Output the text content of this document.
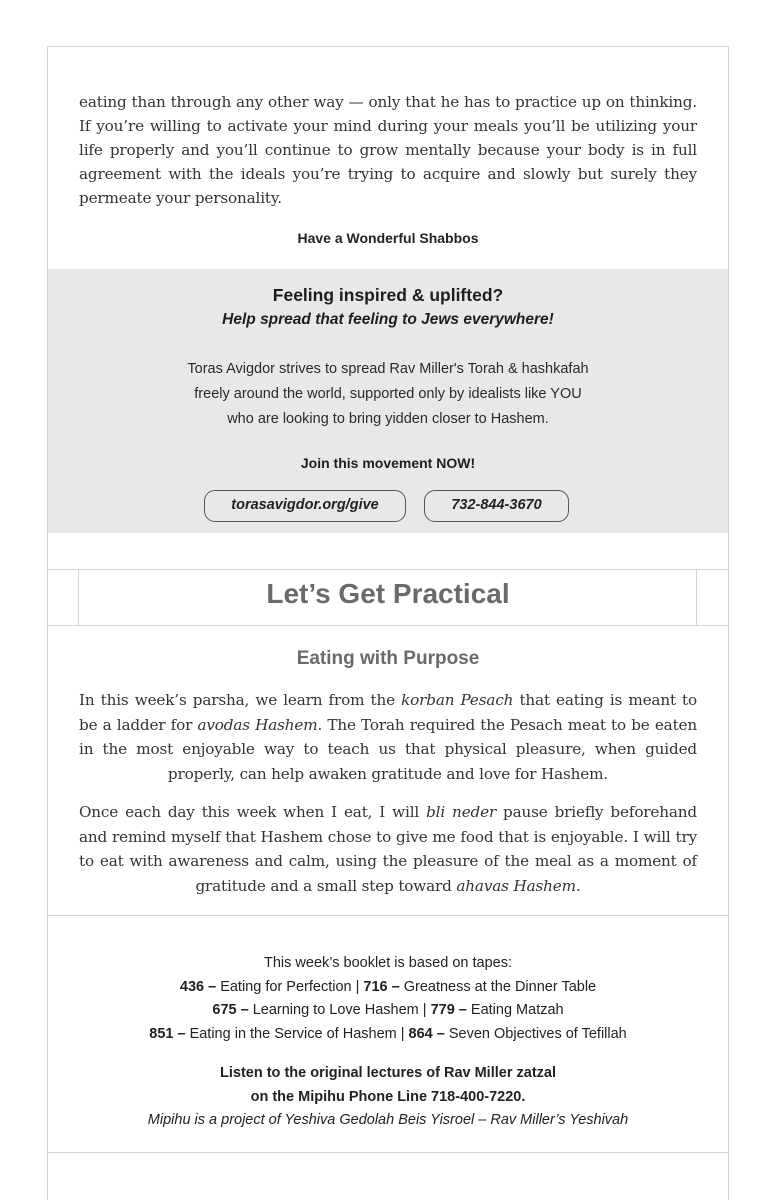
eating than through any other way — only that he has to practice up on thinking. If you’re willing to activate your mind during your meals you’ll be utilizing your life properly and you’ll continue to grow mentally because your body is in full agreement with the ideals you’re trying to acquire and slowly but surely they permeate your personality.

Have a Wonderful Shabbos
Feeling inspired & uplifted?
Help spread that feeling to Jews everywhere!
Toras Avigdor strives to spread Rav Miller's Torah & hashkafah
freely around the world, supported only by idealists like YOU
who are looking to bring yidden closer to Hashem.
Join this movement NOW!
torasavigdor.org/give	732-844-3670
Let’s Get Practical
Eating with Purpose

In this week’s parsha, we learn from the korban Pesach that eating is meant to be a ladder for avodas Hashem. The Torah required the Pesach meat to be eaten in the most enjoyable way to teach us that physical pleasure, when guided properly, can help awaken gratitude and love for Hashem.

Once each day this week when I eat, I will bli neder pause briefly beforehand and remind myself that Hashem chose to give me food that is enjoyable. I will try to eat with awareness and calm, using the pleasure of the meal as a moment of gratitude and a small step toward ahavas Hashem.

This week’s booklet is based on tapes:
436 – Eating for Perfection | 716 – Greatness at the Dinner Table
675 – Learning to Love Hashem | 779 – Eating Matzah
851 – Eating in the Service of Hashem | 864 – Seven Objectives of Tefillah
Listen to the original lectures of Rav Miller zatzal
on the Mipihu Phone Line 718-400-7220.
Mipihu is a project of Yeshiva Gedolah Beis Yisroel – Rav Miller’s Yeshivah
